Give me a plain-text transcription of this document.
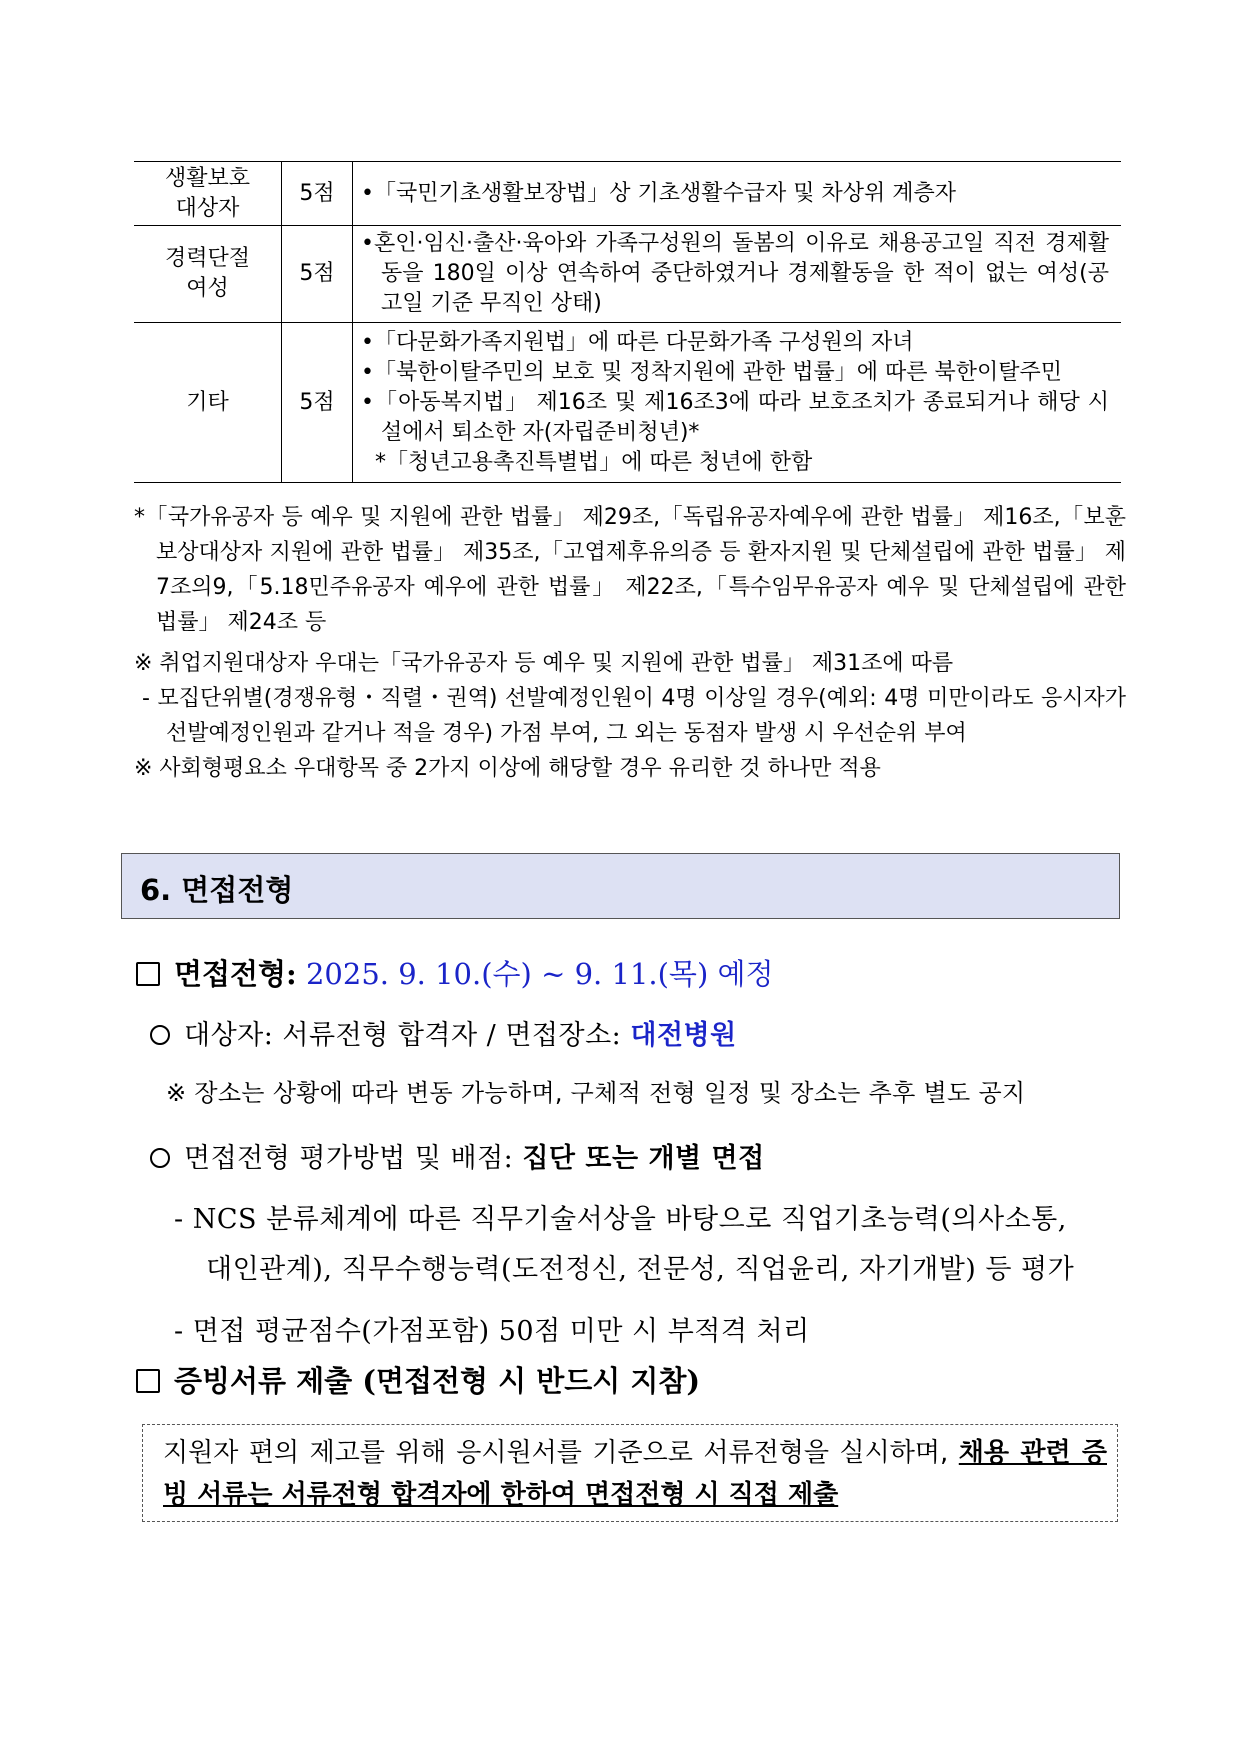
생활보호
대상자	5점	•「국민기초생활보장법」상 기초생활수급자 및 차상위 계층자

경력단절
여성	5점	•혼인·임신·출산·육아와 가족구성원의 돌봄의 이유로 채용공고일 직전 경제활동을 180일 이상 연속하여 중단하였거나 경제활동을 한 적이 없는 여성(공고일 기준 무직인 상태)

기타	5점	•「다문화가족지원법」에 따른 다문화가족 구성원의 자녀
•「북한이탈주민의 보호 및 정착지원에 관한 법률」에 따른 북한이탈주민
•「아동복지법」 제16조 및 제16조3에 따라 보호조치가 종료되거나 해당 시설에서 퇴소한 자(자립준비청년)*
*「청년고용촉진특별법」에 따른 청년에 한함
*「국가유공자 등 예우 및 지원에 관한 법률」 제29조,「독립유공자예우에 관한 법률」 제16조,「보훈보상대상자 지원에 관한 법률」 제35조,「고엽제후유의증 등 환자지원 및 단체설립에 관한 법률」 제7조의9,「5.18민주유공자 예우에 관한 법률」 제22조,「특수임무유공자 예우 및 단체설립에 관한 법률」 제24조 등
※ 취업지원대상자 우대는「국가유공자 등 예우 및 지원에 관한 법률」 제31조에 따름
- 모집단위별(경쟁유형・직렬・권역) 선발예정인원이 4명 이상일 경우(예외: 4명 미만이라도 응시자가 선발예정인원과 같거나 적을 경우) 가점 부여, 그 외는 동점자 발생 시 우선순위 부여
※ 사회형평요소 우대항목 중 2가지 이상에 해당할 경우 유리한 것 하나만 적용
6. 면접전형
면접전형: 2025. 9. 10.(수) ~ 9. 11.(목) 예정
대상자: 서류전형 합격자 / 면접장소: 대전병원
※ 장소는 상황에 따라 변동 가능하며, 구체적 전형 일정 및 장소는 추후 별도 공지
면접전형 평가방법 및 배점: 집단 또는 개별 면접
- NCS 분류체계에 따른 직무기술서상을 바탕으로 직업기초능력(의사소통,
대인관계), 직무수행능력(도전정신, 전문성, 직업윤리, 자기개발) 등 평가
- 면접 평균점수(가점포함) 50점 미만 시 부적격 처리
증빙서류 제출 (면접전형 시 반드시 지참)
지원자 편의 제고를 위해 응시원서를 기준으로 서류전형을 실시하며, 채용 관련 증빙 서류는 서류전형 합격자에 한하여 면접전형 시 직접 제출
